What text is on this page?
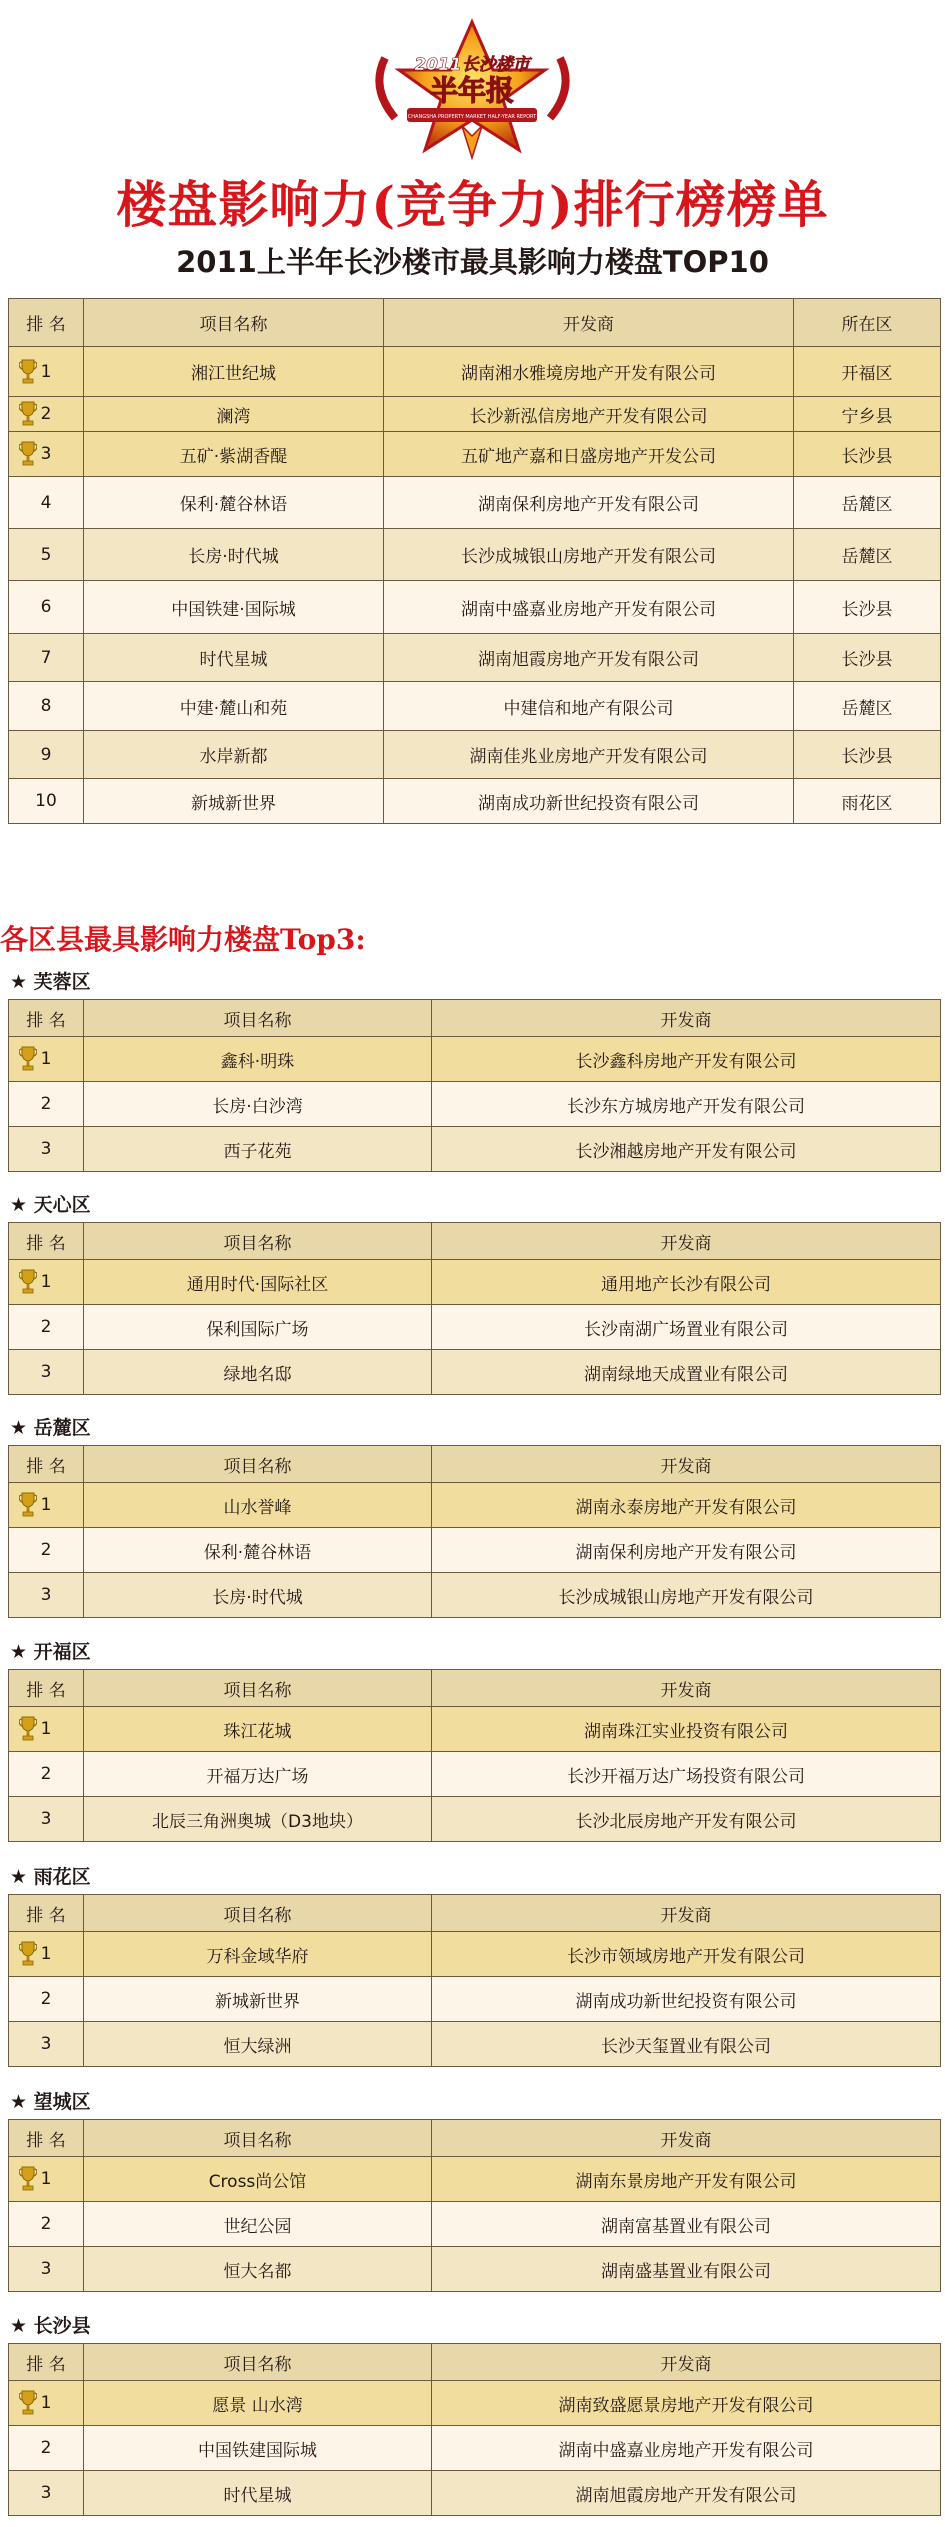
CHANGSHA PROPERTY MARKET HALF-YEAR REPORT
2011长沙楼市
半年报
楼盘影响力(竞争力)排行榜榜单
2011上半年长沙楼市最具影响力楼盘TOP10
排 名	项目名称	开发商	所在区

1	湘江世纪城	湖南湘水雅境房地产开发有限公司	开福区

2	澜湾	长沙新泓信房地产开发有限公司	宁乡县

3	五矿·紫湖香醍	五矿地产嘉和日盛房地产开发公司	长沙县
4	保利·麓谷林语	湖南保利房地产开发有限公司	岳麓区
5	长房·时代城	长沙成城银山房地产开发有限公司	岳麓区
6	中国铁建·国际城	湖南中盛嘉业房地产开发有限公司	长沙县
7	时代星城	湖南旭霞房地产开发有限公司	长沙县
8	中建·麓山和苑	中建信和地产有限公司	岳麓区
9	水岸新都	湖南佳兆业房地产开发有限公司	长沙县
10	新城新世界	湖南成功新世纪投资有限公司	雨花区
各区县最具影响力楼盘Top3:
★ 芙蓉区
排 名	项目名称	开发商

1	鑫科·明珠	长沙鑫科房地产开发有限公司
2	长房·白沙湾	长沙东方城房地产开发有限公司
3	西子花苑	长沙湘越房地产开发有限公司
★ 天心区
排 名	项目名称	开发商

1	通用时代·国际社区	通用地产长沙有限公司
2	保利国际广场	长沙南湖广场置业有限公司
3	绿地名邸	湖南绿地天成置业有限公司
★ 岳麓区
排 名	项目名称	开发商

1	山水誉峰	湖南永泰房地产开发有限公司
2	保利·麓谷林语	湖南保利房地产开发有限公司
3	长房·时代城	长沙成城银山房地产开发有限公司
★ 开福区
排 名	项目名称	开发商

1	珠江花城	湖南珠江实业投资有限公司
2	开福万达广场	长沙开福万达广场投资有限公司
3	北辰三角洲奥城（D3地块）	长沙北辰房地产开发有限公司
★ 雨花区
排 名	项目名称	开发商

1	万科金域华府	长沙市领域房地产开发有限公司
2	新城新世界	湖南成功新世纪投资有限公司
3	恒大绿洲	长沙天玺置业有限公司
★ 望城区
排 名	项目名称	开发商

1	Cross尚公馆	湖南东景房地产开发有限公司
2	世纪公园	湖南富基置业有限公司
3	恒大名都	湖南盛基置业有限公司
★ 长沙县
排 名	项目名称	开发商

1	愿景 山水湾	湖南致盛愿景房地产开发有限公司
2	中国铁建国际城	湖南中盛嘉业房地产开发有限公司
3	时代星城	湖南旭霞房地产开发有限公司
